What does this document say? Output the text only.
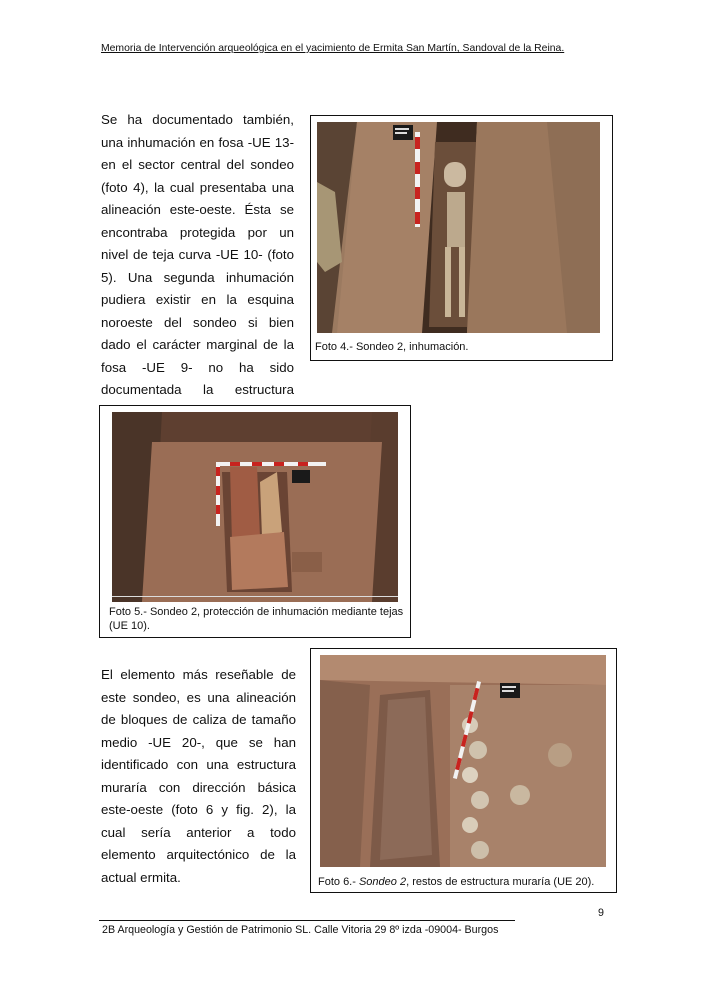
Memoria de Intervención arqueológica en el yacimiento de Ermita San Martín, Sandoval de la Reina.

Se ha documentado también, una inhumación en fosa -UE 13- en el sector central del sondeo (foto 4), la cual presentaba una alineación este-oeste. Ésta se encontraba protegida por un nivel de teja curva -UE 10- (foto 5). Una segunda inhumación pudiera existir en la esquina noroeste del sondeo si bien dado el carácter marginal de la fosa -UE 9- no ha sido documentada la estructura

Foto 4.- Sondeo 2, inhumación.
Foto 5.- Sondeo 2, protección de inhumación mediante tejas (UE 10).

El elemento más reseñable de este sondeo, es una alineación de bloques de caliza de tamaño medio -UE 20-, que se han identificado con una estructura muraría con dirección básica este-oeste (foto 6 y fig. 2), la cual sería anterior a todo elemento arquitectónico de la actual ermita.	Foto 6.- Sondeo 2, restos de estructura muraría (UE 20).
9
2B Arqueología y Gestión de Patrimonio SL. Calle Vitoria 29 8º izda -09004- Burgos
